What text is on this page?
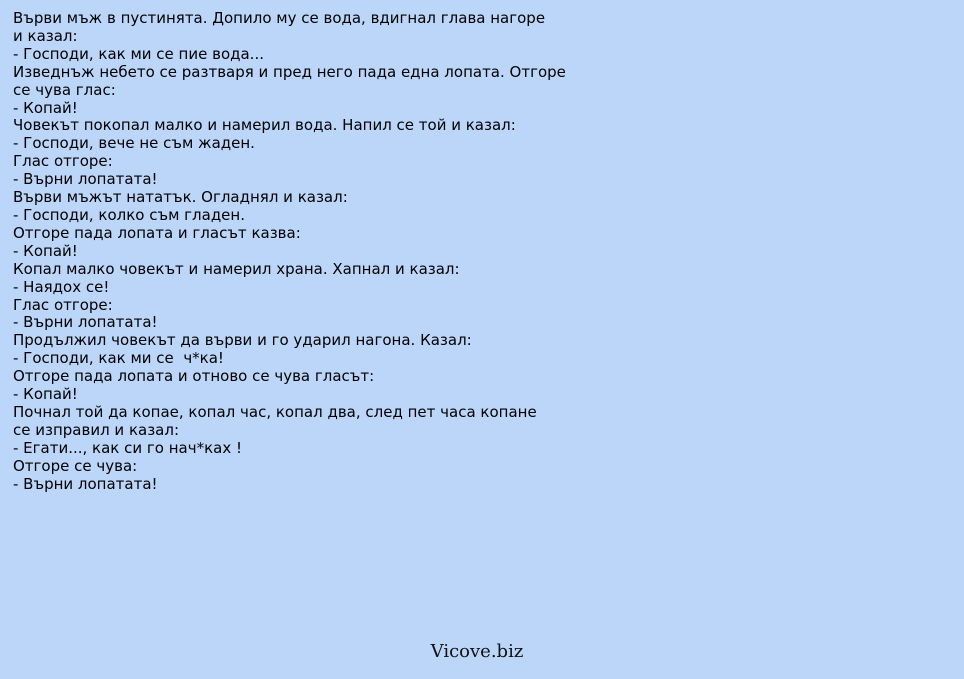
Върви мъж в пустинята. Допило му се вода, вдигнал глава нагоре
и казал:
- Господи, как ми се пие вода...
Изведнъж небето се разтваря и пред него пада една лопата. Отгоре
се чува глас:
- Копай!
Човекът покопал малко и намерил вода. Напил се той и казал:
- Господи, вече не съм жаден.
Глас отгоре:
- Върни лопатата!
Върви мъжът нататък. Огладнял и казал:
- Господи, колко съм гладен.
Отгоре пада лопата и гласът казва:
- Копай!
Копал малко човекът и намерил храна. Хапнал и казал:
- Наядох се!
Глас отгоре:
- Върни лопатата!
Продължил човекът да върви и го ударил нагона. Казал:
- Господи, как ми се  ч*ка!
Отгоре пада лопата и отново се чува гласът:
- Копай!
Почнал той да копае, копал час, копал два, след пет часа копане
се изправил и казал:
- Егати..., как си го нач*ках !
Отгоре се чува:
- Върни лопатата!
Vicove.biz
